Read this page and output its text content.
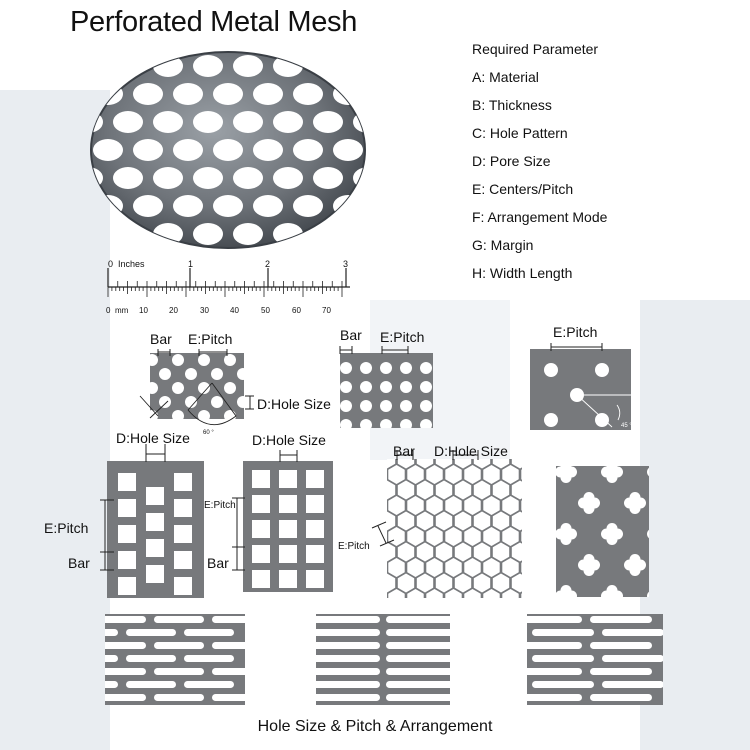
Perforated Metal Mesh
Required Parameter
A: Material
B: Thickness
C: Hole Pattern
D: Pore Size
E: Centers/Pitch
F: Arrangement Mode
G: Margin
H: Width Length
0 Inches	1	2	3
0 mm 10	20	30	40	50	60	70
Bar E:Pitch
D:Hole Size
60 °
Bar E:Pitch	E:Pitch
45 °
D:Hole Size
E:Pitch
Bar
D:Hole Size
E:Pitch
Bar
Bar D:Hole Size
E:Pitch
Hole Size & Pitch & Arrangement
